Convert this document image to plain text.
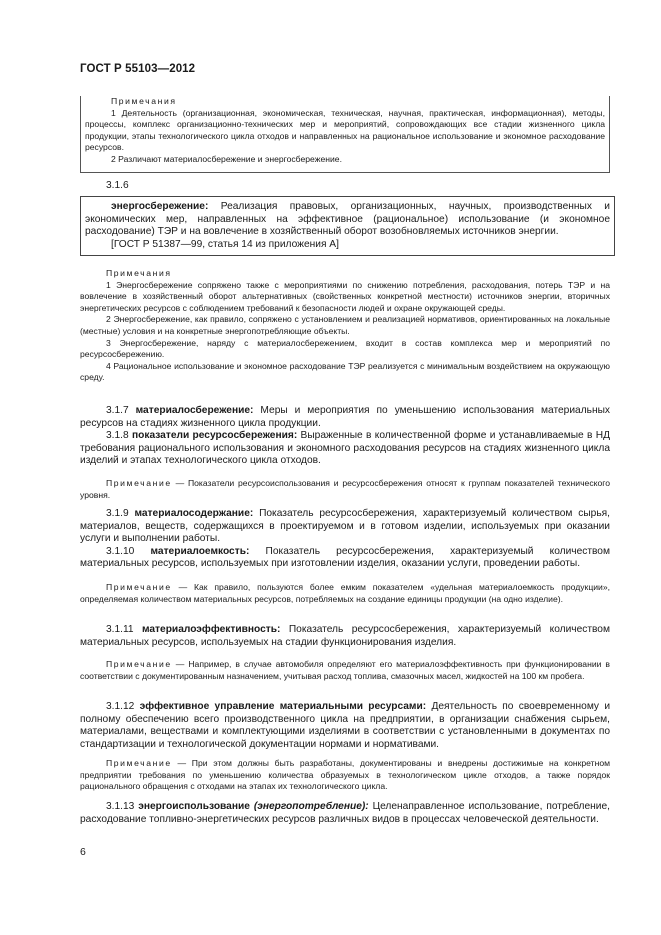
ГОСТ Р 55103—2012

Примечания

1 Деятельность (организационная, экономическая, техническая, научная, практическая, информационная), методы, процессы, комплекс организационно-технических мер и мероприятий, сопровождающих все стадии жизненного цикла продукции, этапы технологического цикла отходов и направленных на рациональное использование и экономное расходование ресурсов.

2 Различают материалосбережение и энергосбережение.

3.1.6

энергосбережение: Реализация правовых, организационных, научных, производственных и экономических мер, направленных на эффективное (рациональное) использование (и экономное расходование) ТЭР и на вовлечение в хозяйственный оборот возобновляемых источников энергии.

[ГОСТ Р 51387—99, статья 14 из приложения А]

Примечания

1 Энергосбережение сопряжено также с мероприятиями по снижению потребления, расходования, потерь ТЭР и на вовлечение в хозяйственный оборот альтернативных (свойственных конкретной местности) источников энергии, вторичных энергетических ресурсов с соблюдением требований к безопасности людей и охране окружающей среды.

2 Энергосбережение, как правило, сопряжено с установлением и реализацией нормативов, ориентированных на локальные (местные) условия и на конкретные энергопотребляющие объекты.

3 Энергосбережение, наряду с материалосбережением, входит в состав комплекса мер и мероприятий по ресурсосбережению.

4 Рациональное использование и экономное расходование ТЭР реализуется с минимальным воздействием на окружающую среду.

3.1.7 материалосбережение: Меры и мероприятия по уменьшению использования материальных ресурсов на стадиях жизненного цикла продукции.

3.1.8 показатели ресурсосбережения: Выраженные в количественной форме и устанавливаемые в НД требования рационального использования и экономного расходования ресурсов на стадиях жизненного цикла изделий и этапах технологического цикла отходов.

Примечание — Показатели ресурсоиспользования и ресурсосбережения относят к группам показателей технического уровня.

3.1.9 материалосодержание: Показатель ресурсосбережения, характеризуемый количеством сырья, материалов, веществ, содержащихся в проектируемом и в готовом изделии, используемых при оказании услуги и выполнении работы.

3.1.10 материалоемкость: Показатель ресурсосбережения, характеризуемый количеством материальных ресурсов, используемых при изготовлении изделия, оказании услуги, проведении работы.

Примечание — Как правило, пользуются более емким показателем «удельная материалоемкость продукции», определяемая количеством материальных ресурсов, потребляемых на создание единицы продукции (на одно изделие).

3.1.11 материалоэффективность: Показатель ресурсосбережения, характеризуемый количеством материальных ресурсов, используемых на стадии функционирования изделия.

Примечание — Например, в случае автомобиля определяют его материалоэффективность при функционировании в соответствии с документированным назначением, учитывая расход топлива, смазочных масел, жидкостей на 100 км пробега.

3.1.12 эффективное управление материальными ресурсами: Деятельность по своевременному и полному обеспечению всего производственного цикла на предприятии, в организации снабжения сырьем, материалами, веществами и комплектующими изделиями в соответствии с установленными в документах по стандартизации и технологической документации нормами и нормативами.

Примечание — При этом должны быть разработаны, документированы и внедрены достижимые на конкретном предприятии требования по уменьшению количества образуемых в технологическом цикле отходов, а также порядок рационального обращения с отходами на этапах их технологического цикла.

3.1.13 энергоиспользование (энергопотребление): Целенаправленное использование, потребление, расходование топливно-энергетических ресурсов различных видов в процессах человеческой деятельности.

6
